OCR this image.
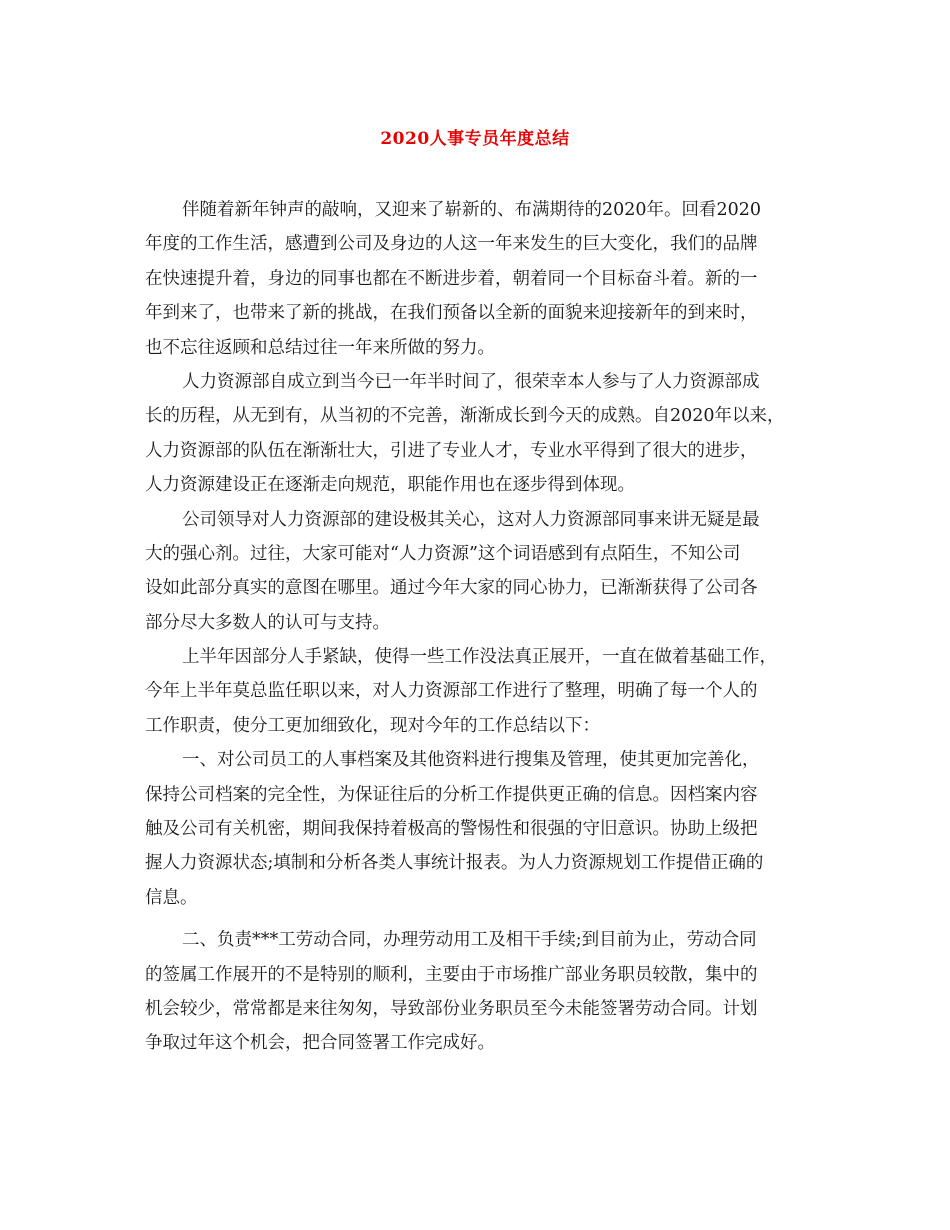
2020人事专员年度总结
伴随着新年钟声的敲响，又迎来了崭新的、布满期待的2020年。回看2020
年度的工作生活，感遭到公司及身边的人这一年来发生的巨大变化，我们的品牌
在快速提升着，身边的同事也都在不断进步着，朝着同一个目标奋斗着。新的一
年到来了，也带来了新的挑战，在我们预备以全新的面貌来迎接新年的到来时，
也不忘往返顾和总结过往一年来所做的努力。
人力资源部自成立到当今已一年半时间了，很荣幸本人参与了人力资源部成
长的历程，从无到有，从当初的不完善，渐渐成长到今天的成熟。自2020年以来，
人力资源部的队伍在渐渐壮大，引进了专业人才，专业水平得到了很大的进步，
人力资源建设正在逐渐走向规范，职能作用也在逐步得到体现。
公司领导对人力资源部的建设极其关心，这对人力资源部同事来讲无疑是最
大的强心剂。过往，大家可能对“人力资源”这个词语感到有点陌生，不知公司
设如此部分真实的意图在哪里。通过今年大家的同心协力，已渐渐获得了公司各
部分尽大多数人的认可与支持。
上半年因部分人手紧缺，使得一些工作没法真正展开，一直在做着基础工作，
今年上半年莫总监任职以来，对人力资源部工作进行了整理，明确了每一个人的
工作职责，使分工更加细致化，现对今年的工作总结以下：
一、对公司员工的人事档案及其他资料进行搜集及管理，使其更加完善化，
保持公司档案的完全性，为保证往后的分析工作提供更正确的信息。因档案内容
触及公司有关机密，期间我保持着极高的警惕性和很强的守旧意识。协助上级把
握人力资源状态;填制和分析各类人事统计报表。为人力资源规划工作提借正确的
信息。
二、负责***工劳动合同，办理劳动用工及相干手续;到目前为止，劳动合同
的签属工作展开的不是特别的顺利，主要由于市场推广部业务职员较散，集中的
机会较少，常常都是来往匆匆，导致部份业务职员至今未能签署劳动合同。计划
争取过年这个机会，把合同签署工作完成好。
